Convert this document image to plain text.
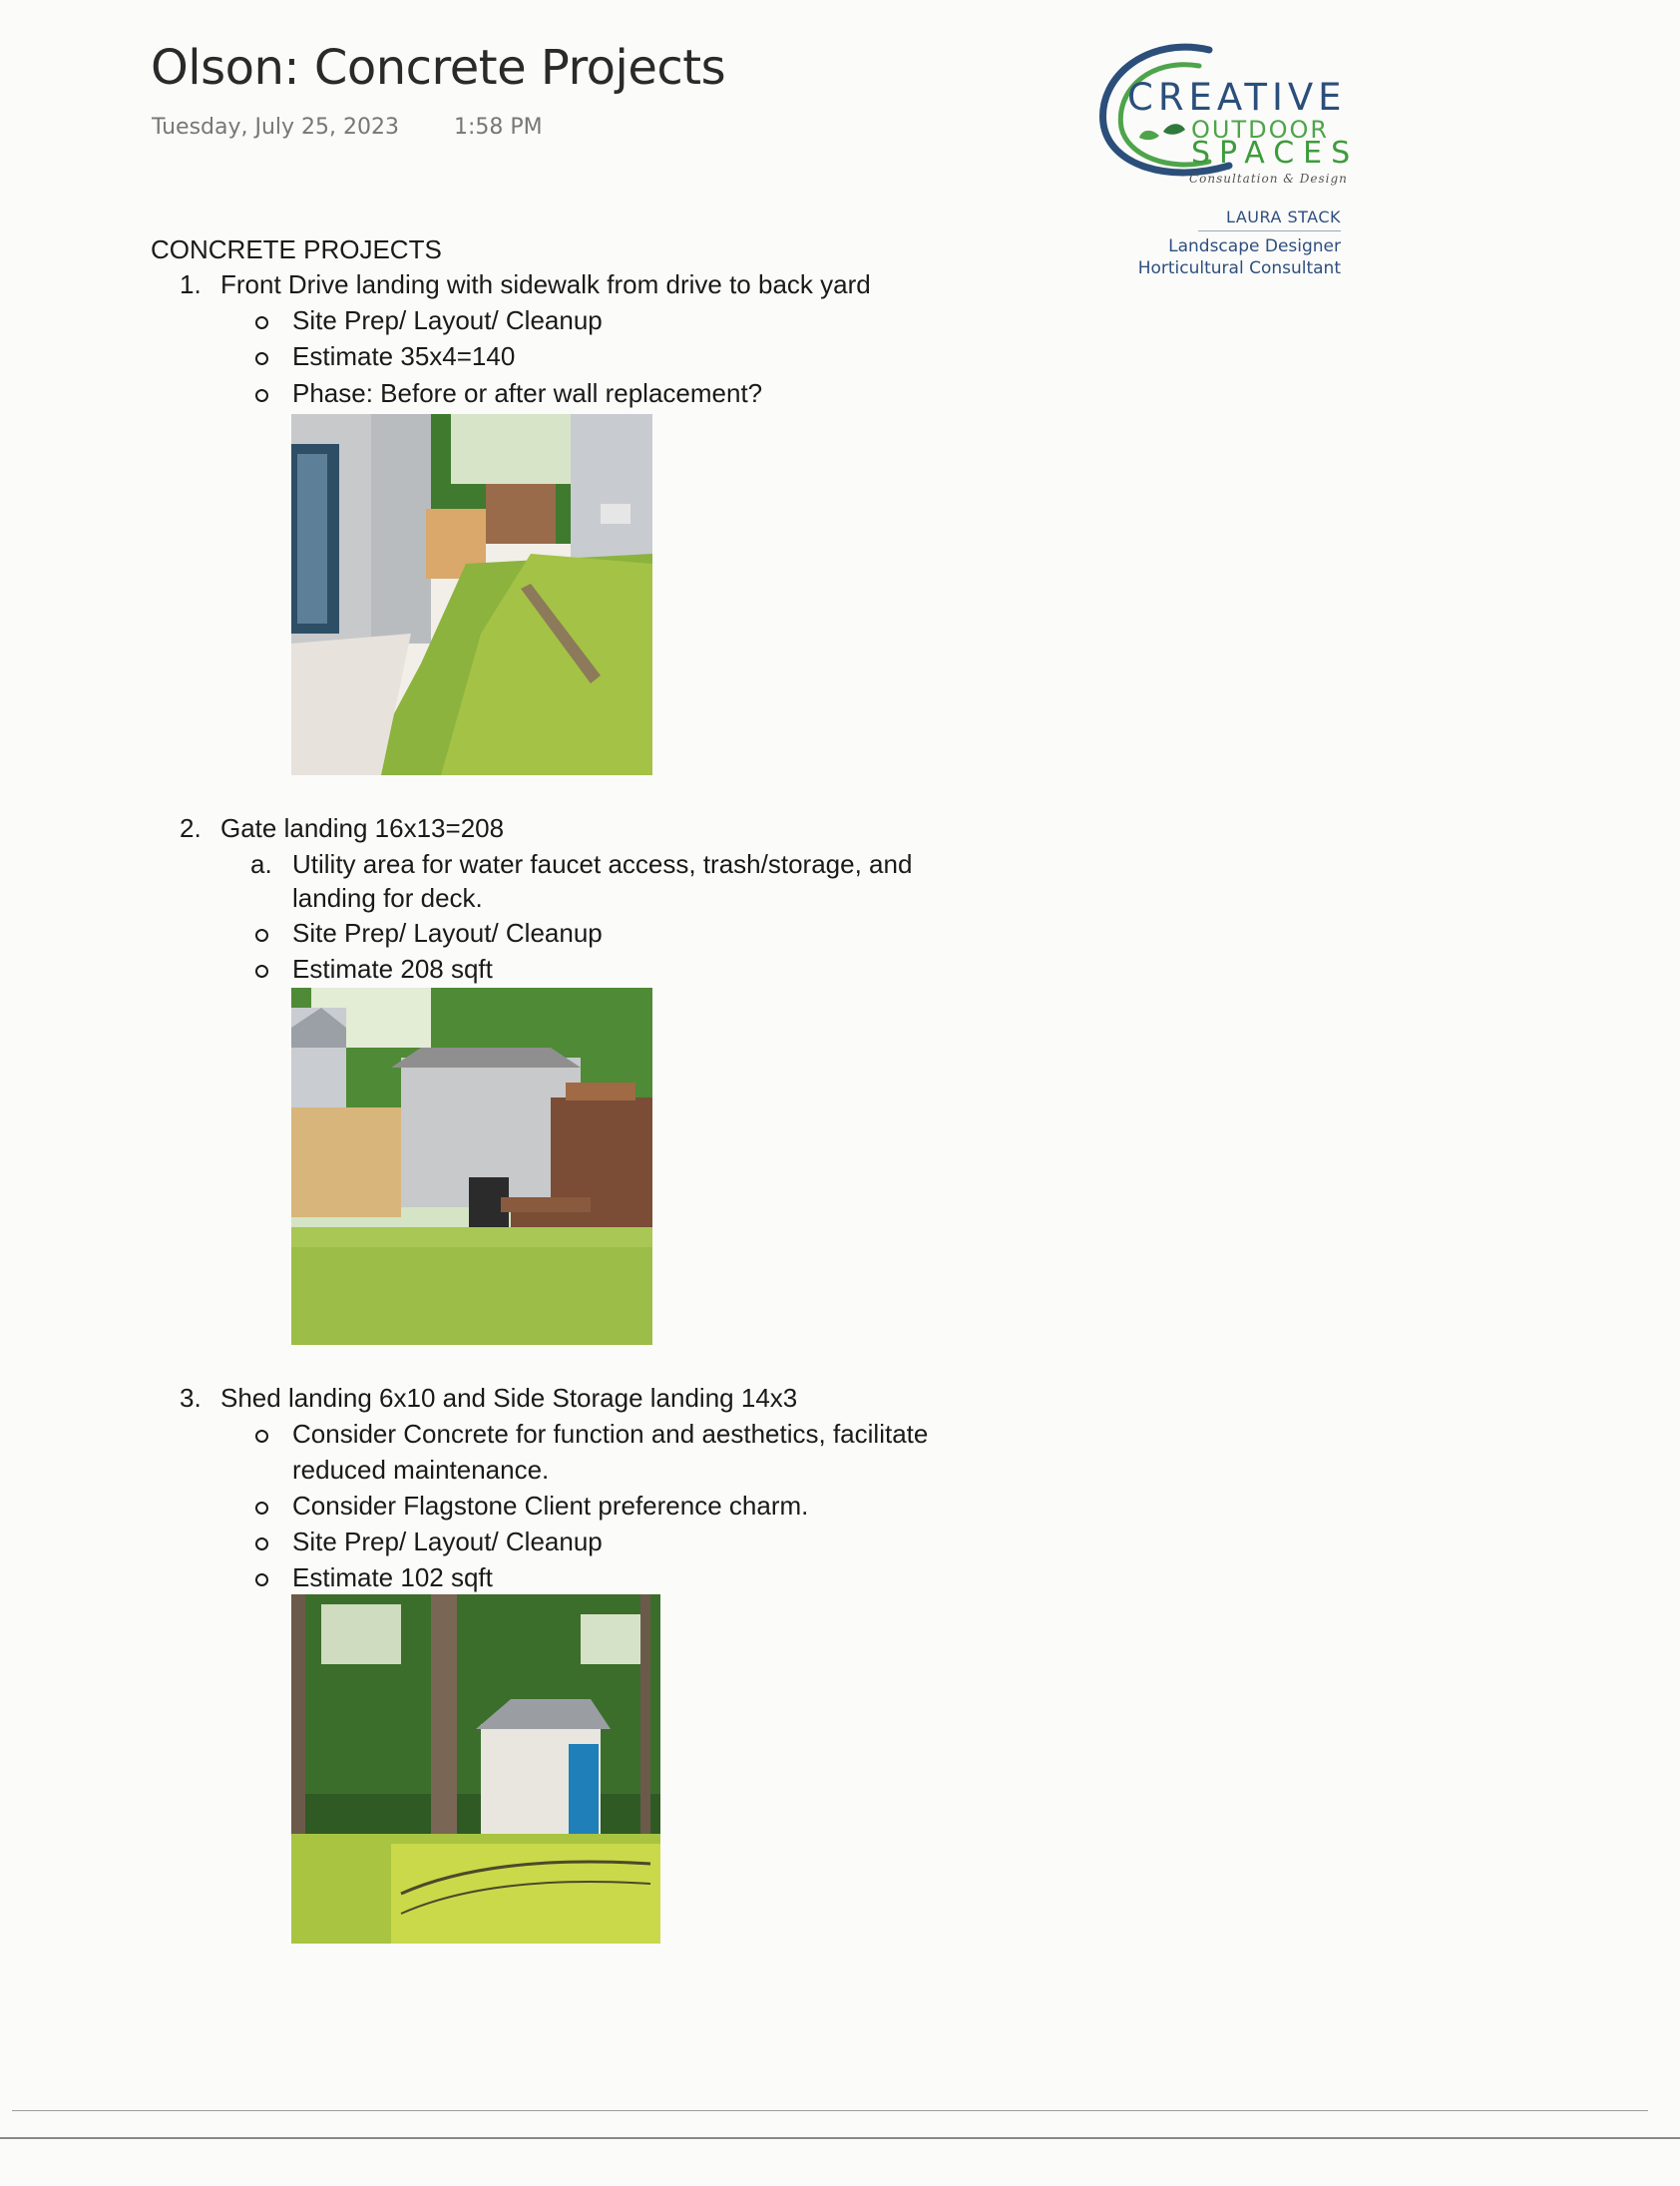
Olson: Concrete Projects
Tuesday, July 25, 2023	1:58 PM
CREATIVE
OUTDOOR
SPACES
Consultation & Design
LAURA STACK
Landscape Designer
Horticultural Consultant
CONCRETE PROJECTS
1. Front Drive landing with sidewalk from drive to back yard
Site Prep/ Layout/ Cleanup
Estimate 35x4=140
Phase: Before or after wall replacement?
2. Gate landing 16x13=208
a. Utility area for water faucet access, trash/storage, and
landing for deck.
Site Prep/ Layout/ Cleanup
Estimate 208 sqft
3. Shed landing 6x10 and Side Storage landing 14x3
Consider Concrete for function and aesthetics, facilitate
reduced maintenance.
Consider Flagstone Client preference charm.
Site Prep/ Layout/ Cleanup
Estimate 102 sqft
